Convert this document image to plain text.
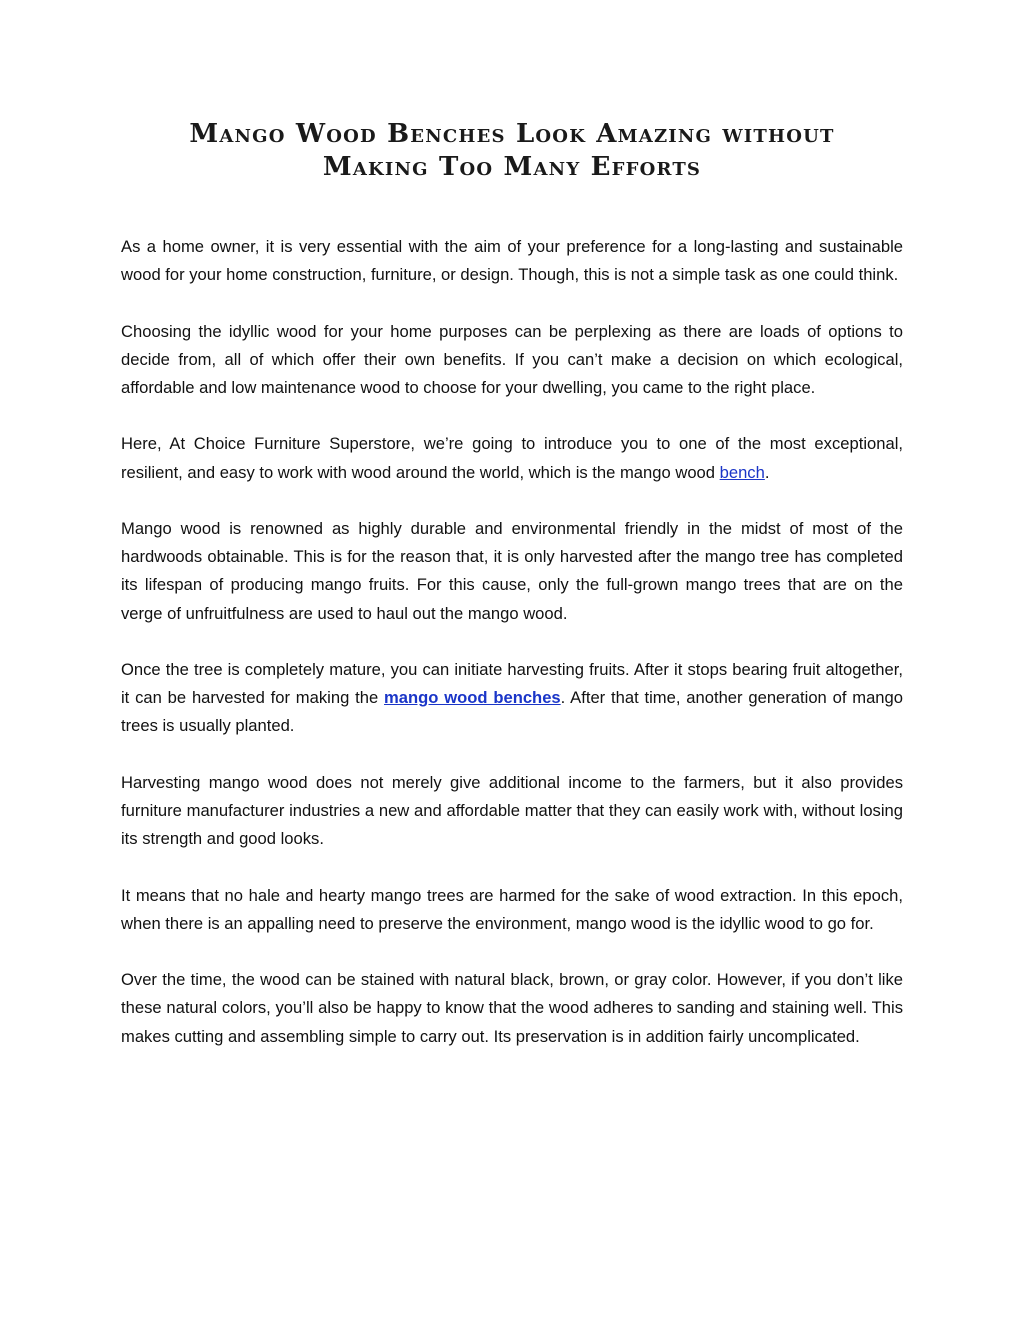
Mango Wood Benches Look Amazing without
Making Too Many Efforts

As a home owner, it is very essential with the aim of your preference for a long-lasting and sustainable wood for your home construction, furniture, or design. Though, this is not a simple task as one could think.

Choosing the idyllic wood for your home purposes can be perplexing as there are loads of options to decide from, all of which offer their own benefits. If you can’t make a decision on which ecological, affordable and low maintenance wood to choose for your dwelling, you came to the right place.

Here, At Choice Furniture Superstore, we’re going to introduce you to one of the most exceptional, resilient, and easy to work with wood around the world, which is the mango wood bench.

Mango wood is renowned as highly durable and environmental friendly in the midst of most of the hardwoods obtainable. This is for the reason that, it is only harvested after the mango tree has completed its lifespan of producing mango fruits. For this cause, only the full-grown mango trees that are on the verge of unfruitfulness are used to haul out the mango wood.

Once the tree is completely mature, you can initiate harvesting fruits. After it stops bearing fruit altogether, it can be harvested for making the mango wood benches. After that time, another generation of mango trees is usually planted.

Harvesting mango wood does not merely give additional income to the farmers, but it also provides furniture manufacturer industries a new and affordable matter that they can easily work with, without losing its strength and good looks.

It means that no hale and hearty mango trees are harmed for the sake of wood extraction. In this epoch, when there is an appalling need to preserve the environment, mango wood is the idyllic wood to go for.

Over the time, the wood can be stained with natural black, brown, or gray color. However, if you don’t like these natural colors, you’ll also be happy to know that the wood adheres to sanding and staining well. This makes cutting and assembling simple to carry out. Its preservation is in addition fairly uncomplicated.
